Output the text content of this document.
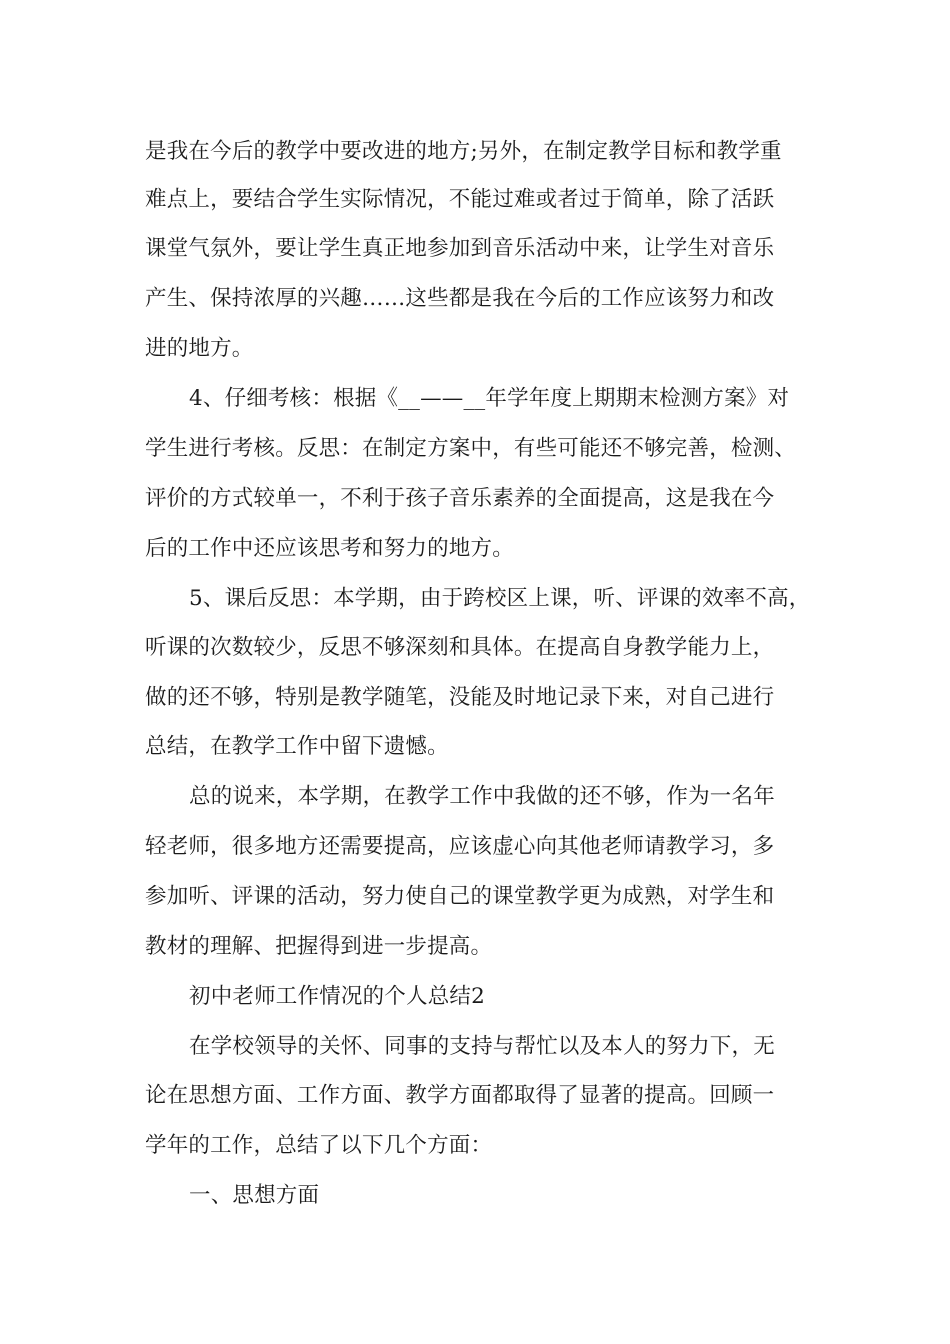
是我在今后的教学中要改进的地方;另外，在制定教学目标和教学重
难点上，要结合学生实际情况，不能过难或者过于简单，除了活跃
课堂气氛外，要让学生真正地参加到音乐活动中来，让学生对音乐
产生、保持浓厚的兴趣……这些都是我在今后的工作应该努力和改
进的地方。
4、仔细考核：根据《__——__年学年度上期期末检测方案》对
学生进行考核。反思：在制定方案中，有些可能还不够完善，检测、
评价的方式较单一，不利于孩子音乐素养的全面提高，这是我在今
后的工作中还应该思考和努力的地方。
5、课后反思：本学期，由于跨校区上课，听、评课的效率不高，
听课的次数较少，反思不够深刻和具体。在提高自身教学能力上，
做的还不够，特别是教学随笔，没能及时地记录下来，对自己进行
总结，在教学工作中留下遗憾。
总的说来，本学期，在教学工作中我做的还不够，作为一名年
轻老师，很多地方还需要提高，应该虚心向其他老师请教学习，多
参加听、评课的活动，努力使自己的课堂教学更为成熟，对学生和
教材的理解、把握得到进一步提高。
初中老师工作情况的个人总结2
在学校领导的关怀、同事的支持与帮忙以及本人的努力下，无
论在思想方面、工作方面、教学方面都取得了显著的提高。回顾一
学年的工作，总结了以下几个方面：
一、思想方面
